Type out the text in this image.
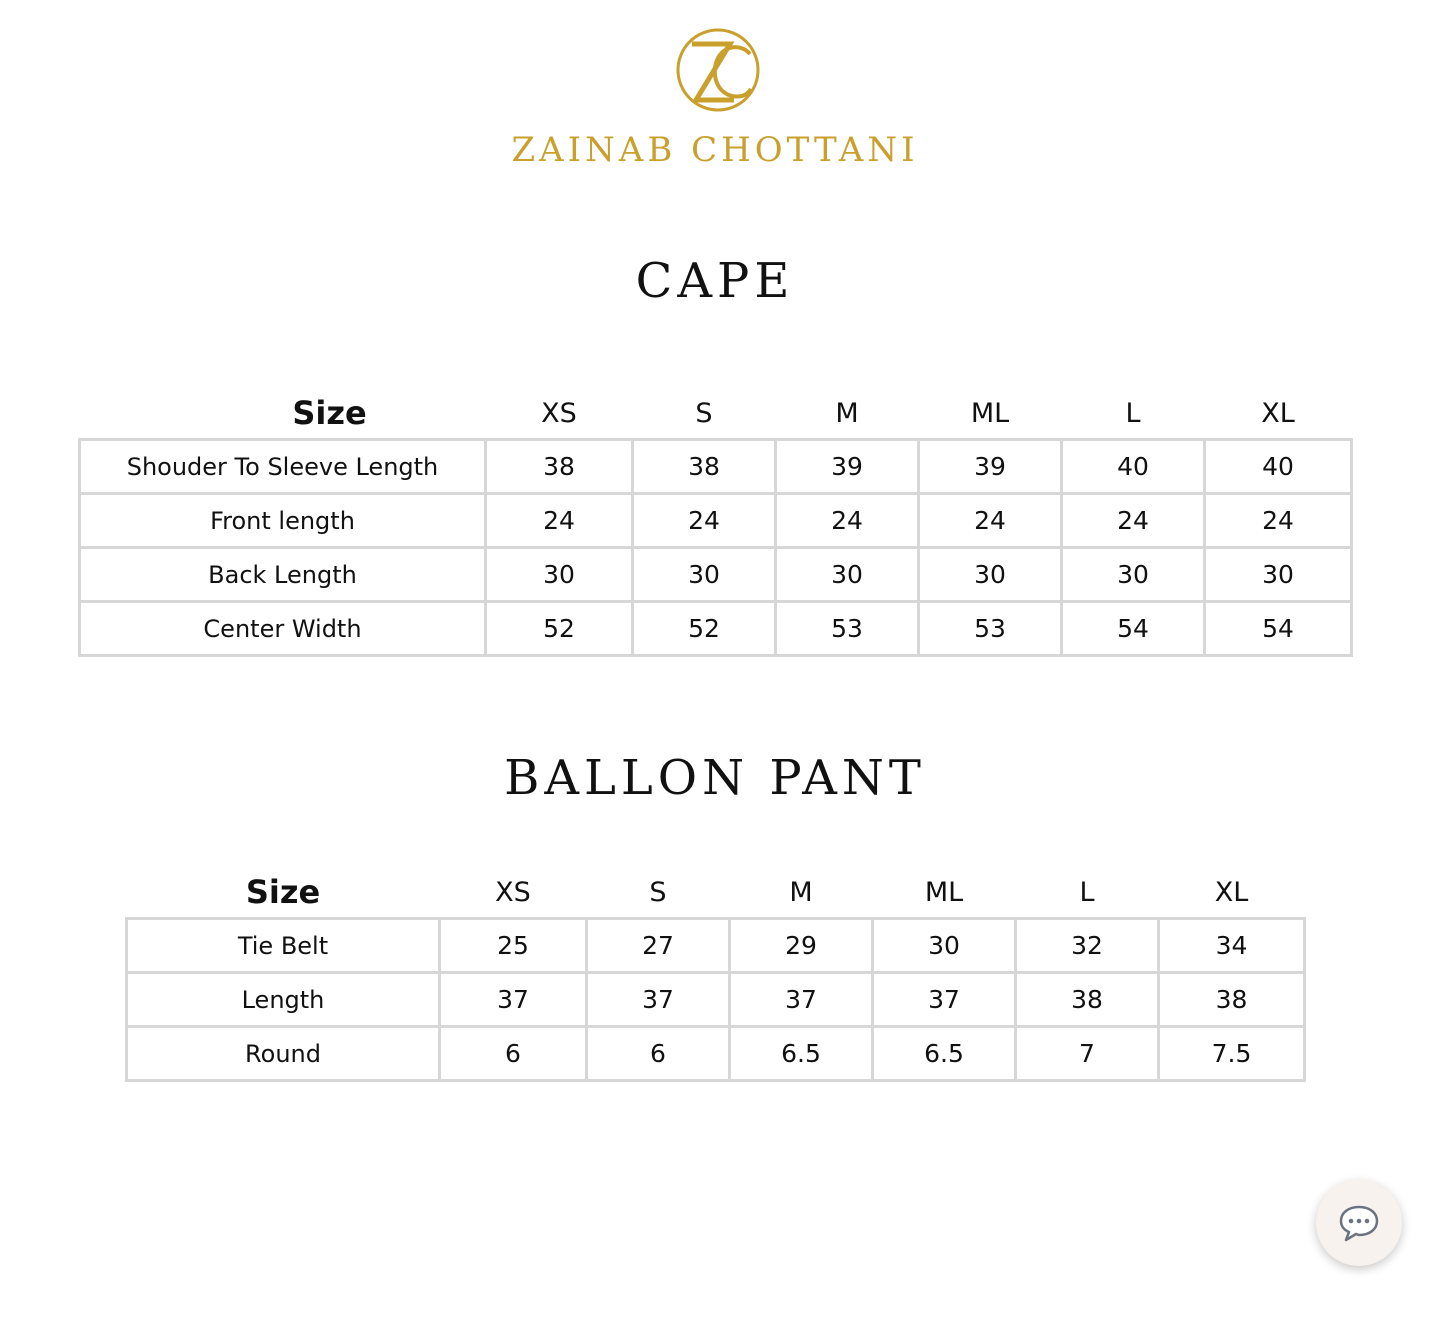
ZAINAB CHOTTANI
CAPE
Size	XS	S	M	ML	L	XL
Shouder To Sleeve Length	38	38	39	39	40	40
Front length	24	24	24	24	24	24
Back Length	30	30	30	30	30	30
Center Width	52	52	53	53	54	54
BALLON PANT
Size	XS	S	M	ML	L	XL
Tie Belt	25	27	29	30	32	34
Length	37	37	37	37	38	38
Round	6	6	6.5	6.5	7	7.5
